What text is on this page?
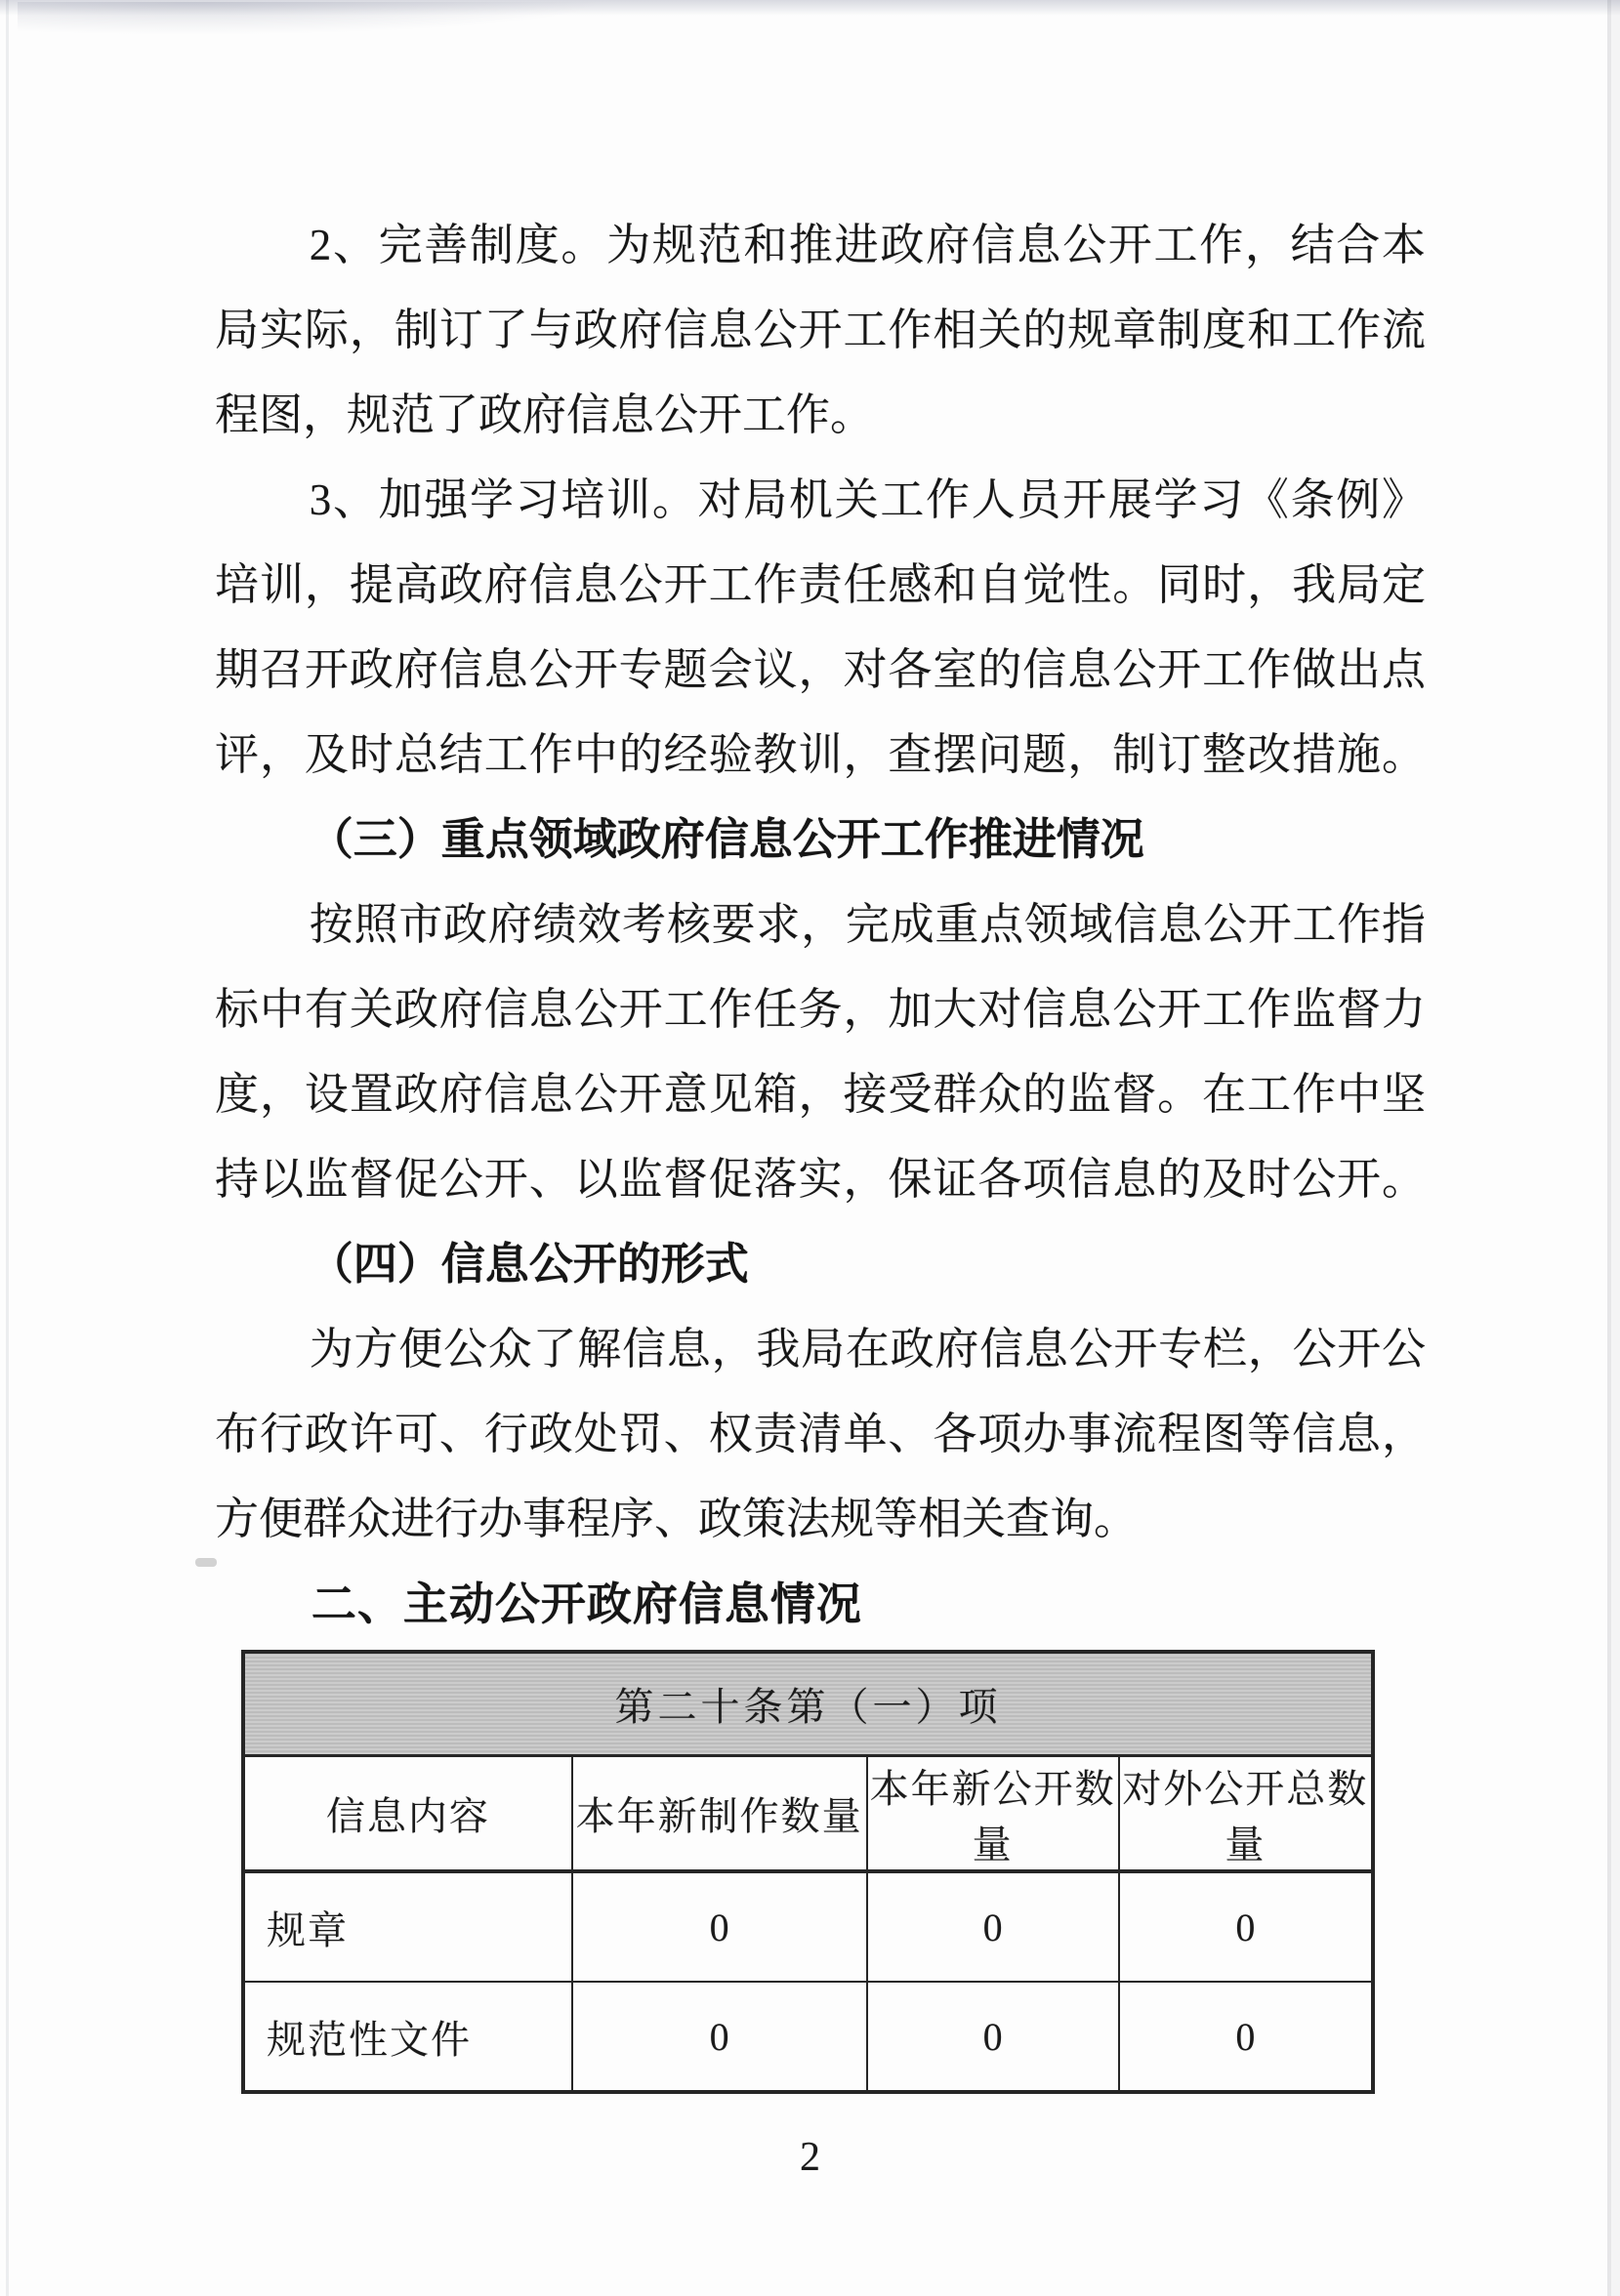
2、完善制度。为规范和推进政府信息公开工作，结合本
局实际，制订了与政府信息公开工作相关的规章制度和工作流
程图，规范了政府信息公开工作。
3、加强学习培训。对局机关工作人员开展学习《条例》
培训，提高政府信息公开工作责任感和自觉性。同时，我局定
期召开政府信息公开专题会议，对各室的信息公开工作做出点
评，及时总结工作中的经验教训，查摆问题，制订整改措施。
（三）重点领域政府信息公开工作推进情况
按照市政府绩效考核要求，完成重点领域信息公开工作指
标中有关政府信息公开工作任务，加大对信息公开工作监督力
度，设置政府信息公开意见箱，接受群众的监督。在工作中坚
持以监督促公开、以监督促落实，保证各项信息的及时公开。
（四）信息公开的形式
为方便公众了解信息，我局在政府信息公开专栏，公开公
布行政许可、行政处罚、权责清单、各项办事流程图等信息，
方便群众进行办事程序、政策法规等相关查询。
二、主动公开政府信息情况
第二十条第（一）项			
信息内容	本年新制作数量	本年新公开数量	对外公开总数量
规章	0	0	0
规范性文件	0	0	0
2
